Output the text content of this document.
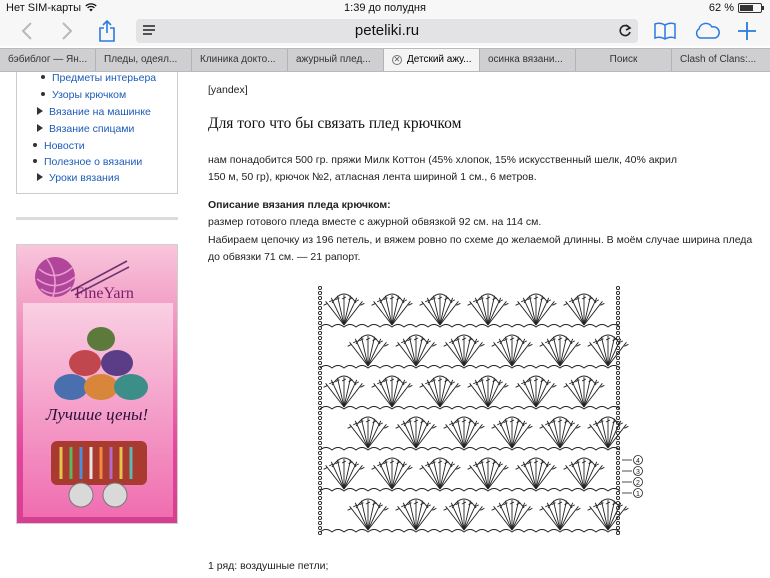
Нет SIM-карты	1:39 до полудня	62 %
peteliki.ru
бэбиблог — Ян...	Пледы, одеял...	Клиника докто...	ажурный плед...	✕ Детский ажу...	осинка вязани...	Поиск	Clash of Clans:...
Предметы интерьера
Узоры крючком
Вязание на машинке
Вязание спицами
Новости
Полезное о вязании
Уроки вязания
FineYarn
Лучшие цены!
[yandex]
Для того что бы связать плед крючком
нам понадобится 500 гр. пряжи Милк Коттон (45% хлопок, 15% искусственный шелк, 40% акрил
150 м, 50 гр), крючок №2, атласная лента шириной 1 см., 6 метров.
Описание вязания пледа крючком:
размер готового пледа вместе с ажурной обвязкой 92 см. на 114 см.
Набираем цепочку из 196 петель, и вяжем ровно по схеме до желаемой длинны. В моём случае ширина пледа
до обвязки 71 см. — 21 рапорт.
1 ряд: воздушные петли;
4
3
2
1
